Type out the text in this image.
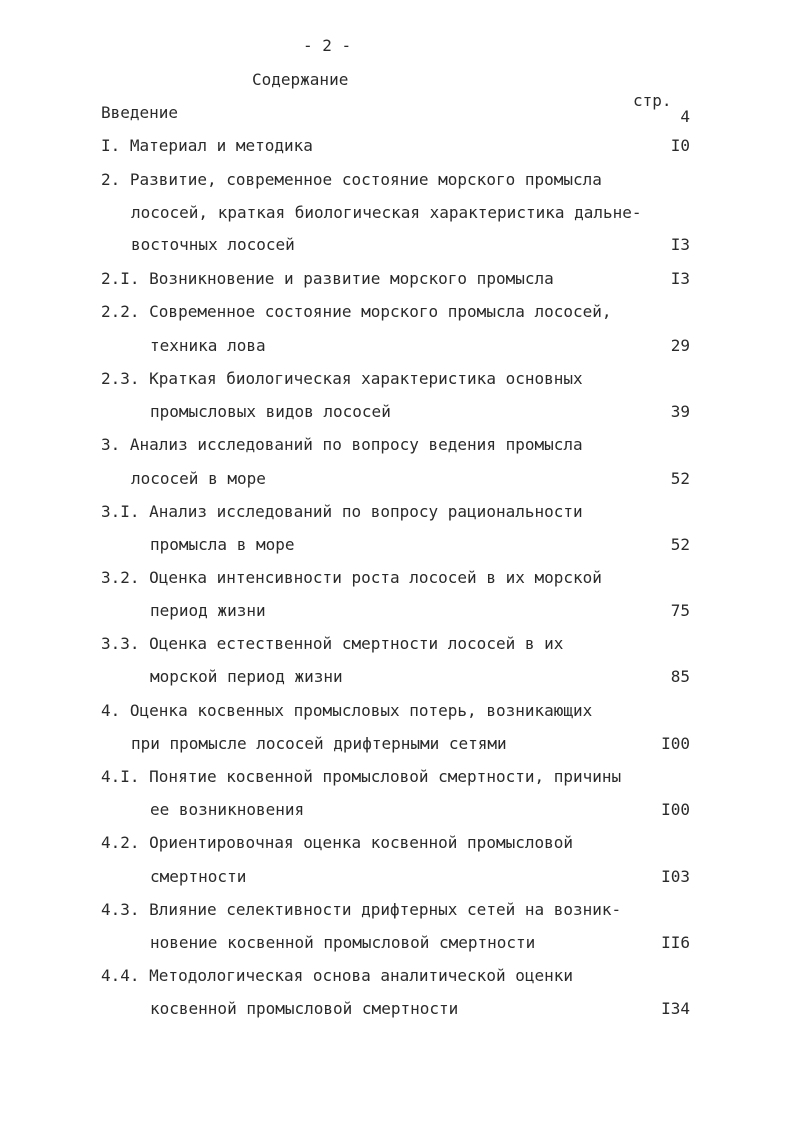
- 2 -
Содержание
стр.
Введение	4
I. Материал и методика	I0
2. Развитие, современное состояние морского промысла
лососей, краткая биологическая характеристика дальне-
восточных лососей	I3
2.I. Возникновение и развитие морского промысла	I3
2.2. Современное состояние морского промысла лососей,
техника лова	29
2.3. Краткая биологическая характеристика основных
промысловых видов лососей	39
3. Анализ исследований по вопросу ведения промысла
лососей в море	52
3.I. Анализ исследований по вопросу рациональности
промысла в море	52
3.2. Оценка интенсивности роста лососей в их морской
период жизни	75
3.3. Оценка естественной смертности лососей в их
морской период жизни	85
4. Оценка косвенных промысловых потерь, возникающих
при промысле лососей дрифтерными сетями	I00
4.I. Понятие косвенной промысловой смертности, причины
ее возникновения	I00
4.2. Ориентировочная оценка косвенной промысловой
смертности	I03
4.3. Влияние селективности дрифтерных сетей на возник-
новение косвенной промысловой смертности	II6
4.4. Методологическая основа аналитической оценки
косвенной промысловой смертности	I34
